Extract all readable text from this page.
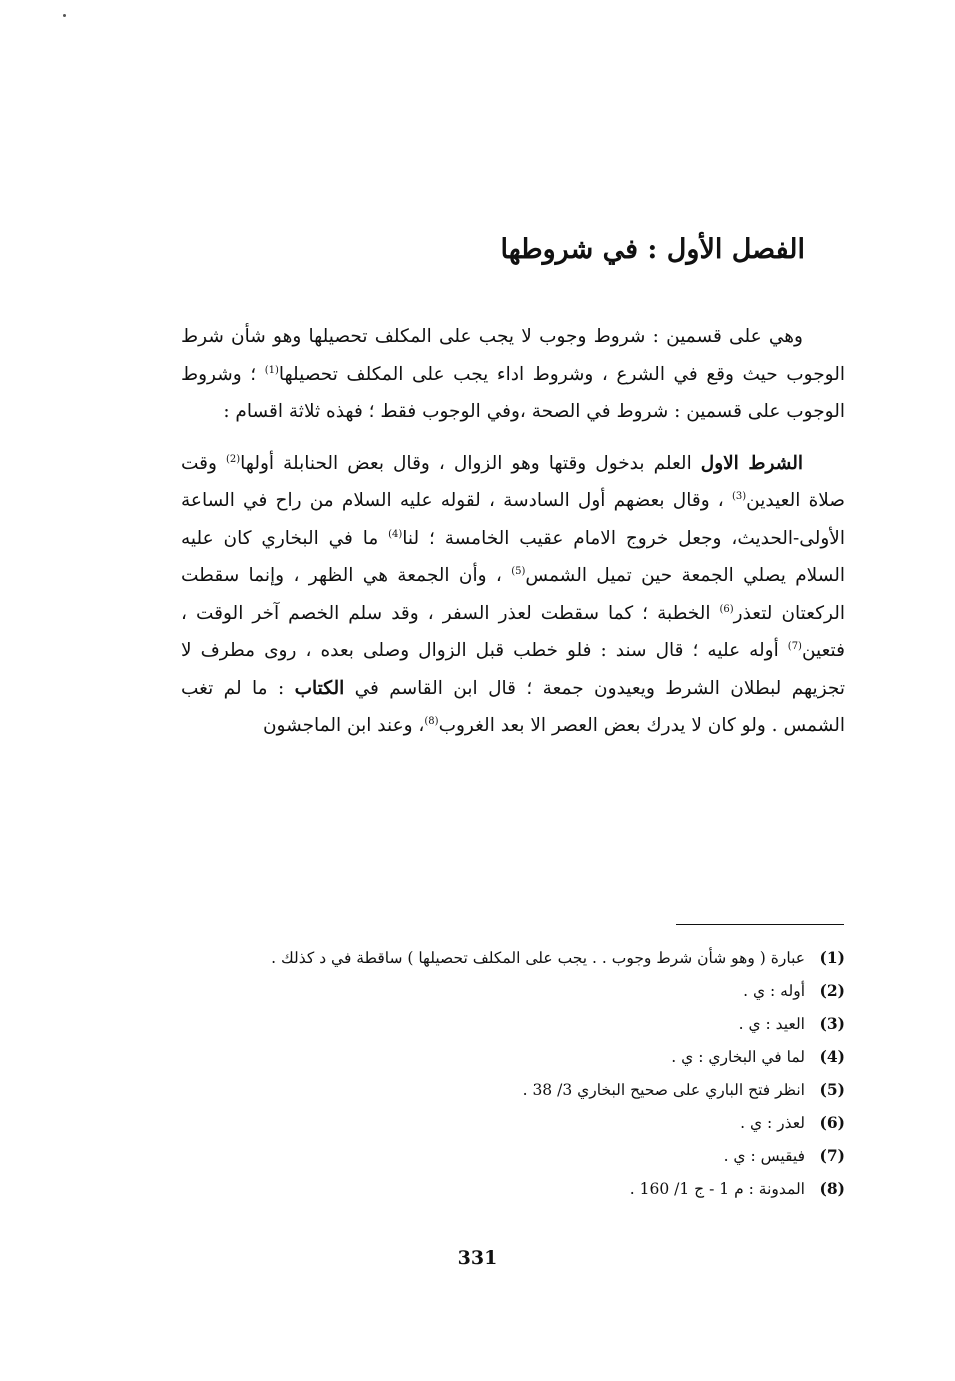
الفصل الأول : في شروطها

وهي على قسمين : شروط وجوب لا يجب على المكلف تحصيلها وهو شأن شرط الوجوب حيث وقع في الشرع ، وشروط اداء يجب على المكلف تحصيلها$^{(1)}$ ؛ وشروط الوجوب على قسمين : شروط في الصحة ،وفي الوجوب فقط ؛ فهذه ثلاثة اقسام :

الشرط الاول العلم بدخول وقتها وهو الزوال ، وقال بعض الحنابلة أولها$^{(2)}$ وقت صلاة العيدين$^{(3)}$ ، وقال بعضهم أول السادسة ، لقوله عليه السلام من راح في الساعة الأولى-الحديث، وجعل خروج الامام عقيب الخامسة ؛ لنا$^{(4)}$ ما في البخاري كان عليه السلام يصلي الجمعة حين تميل الشمس$^{(5)}$ ، وأن الجمعة هي الظهر ، وإنما سقطت الركعتان لتعذر$^{(6)}$ الخطبة ؛ كما سقطت لعذر السفر ، وقد سلم الخصم آخر الوقت ، فتعين$^{(7)}$ أوله عليه ؛ قال سند : فلو خطب قبل الزوال وصلى بعده ، روى مطرف لا تجزيهم لبطلان الشرط ويعيدون جمعة ؛ قال ابن القاسم في الكتاب : ما لم تغب الشمس . ولو كان لا يدرك بعض العصر الا بعد الغروب$^{(8)}$، وعند ابن الماجشون

(1)
عبارة ( وهو شأن شرط وجوب . . يجب على المكلف تحصيلها ) ساقطة في د كذلك .
(2)
أوله : ي .
(3)
العيد : ي .
(4)
لما في البخاري : ي .
(5)
انظر فتح الباري على صحيح البخاري 3/ 38 .
(6)
لعذر : ي .
(7)
فيقيس : ي .
(8)
المدونة : م 1 - ج 1/ 160 .
331
